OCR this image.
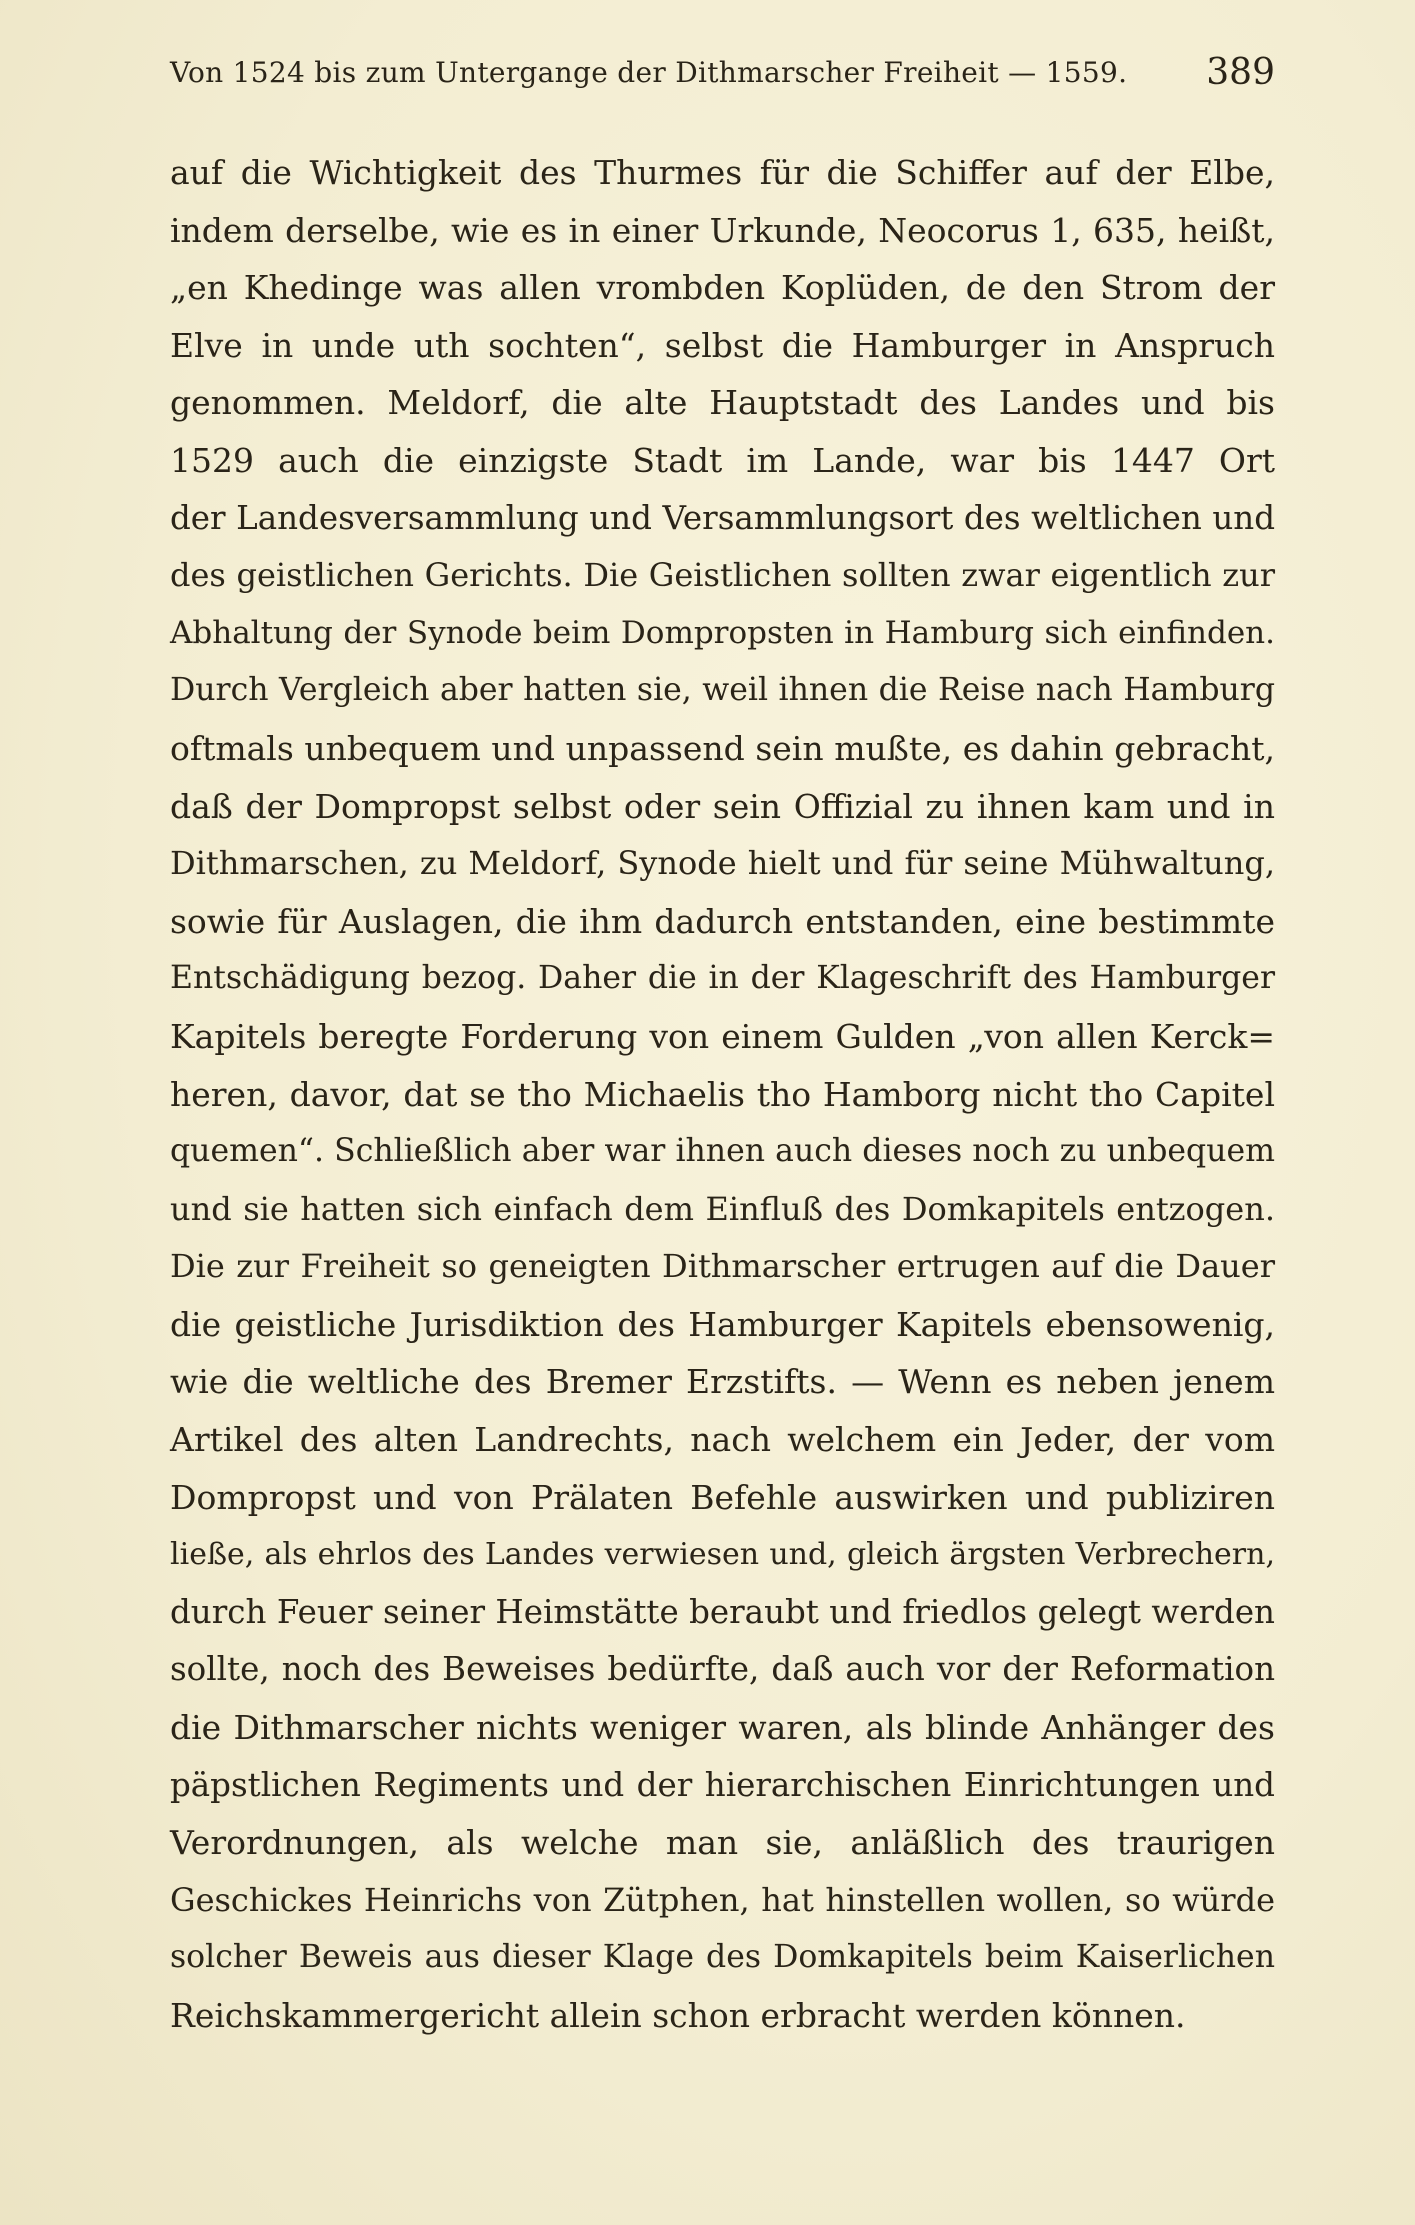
Von 1524 bis zum Untergange der Dithmarscher Freiheit — 1559. 389
auf die Wichtigkeit des Thurmes für die Schiffer auf der Elbe,
indem derselbe, wie es in einer Urkunde, Neocorus 1, 635, heißt,
„en Khedinge was allen vrombden Koplüden, de den Strom der
Elve in unde uth sochten“, selbst die Hamburger in Anspruch
genommen. Meldorf, die alte Hauptstadt des Landes und bis
1529 auch die einzigste Stadt im Lande, war bis 1447 Ort
der Landesversammlung und Versammlungsort des weltlichen und
des geistlichen Gerichts. Die Geistlichen sollten zwar eigentlich zur
Abhaltung der Synode beim Dompropsten in Hamburg sich einfinden.
Durch Vergleich aber hatten sie, weil ihnen die Reise nach Hamburg
oftmals unbequem und unpassend sein mußte, es dahin gebracht,
daß der Dompropst selbst oder sein Offizial zu ihnen kam und in
Dithmarschen, zu Meldorf, Synode hielt und für seine Mühwaltung,
sowie für Auslagen, die ihm dadurch entstanden, eine bestimmte
Entschädigung bezog. Daher die in der Klageschrift des Hamburger
Kapitels beregte Forderung von einem Gulden „von allen Kerck=
heren, davor, dat se tho Michaelis tho Hamborg nicht tho Capitel
quemen“. Schließlich aber war ihnen auch dieses noch zu unbequem
und sie hatten sich einfach dem Einfluß des Domkapitels entzogen.
Die zur Freiheit so geneigten Dithmarscher ertrugen auf die Dauer
die geistliche Jurisdiktion des Hamburger Kapitels ebensowenig,
wie die weltliche des Bremer Erzstifts. — Wenn es neben jenem
Artikel des alten Landrechts, nach welchem ein Jeder, der vom
Dompropst und von Prälaten Befehle auswirken und publiziren
ließe, als ehrlos des Landes verwiesen und, gleich ärgsten Verbrechern,
durch Feuer seiner Heimstätte beraubt und friedlos gelegt werden
sollte, noch des Beweises bedürfte, daß auch vor der Reformation
die Dithmarscher nichts weniger waren, als blinde Anhänger des
päpstlichen Regiments und der hierarchischen Einrichtungen und
Verordnungen, als welche man sie, anläßlich des traurigen
Geschickes Heinrichs von Zütphen, hat hinstellen wollen, so würde
solcher Beweis aus dieser Klage des Domkapitels beim Kaiserlichen
Reichskammergericht allein schon erbracht werden können.
